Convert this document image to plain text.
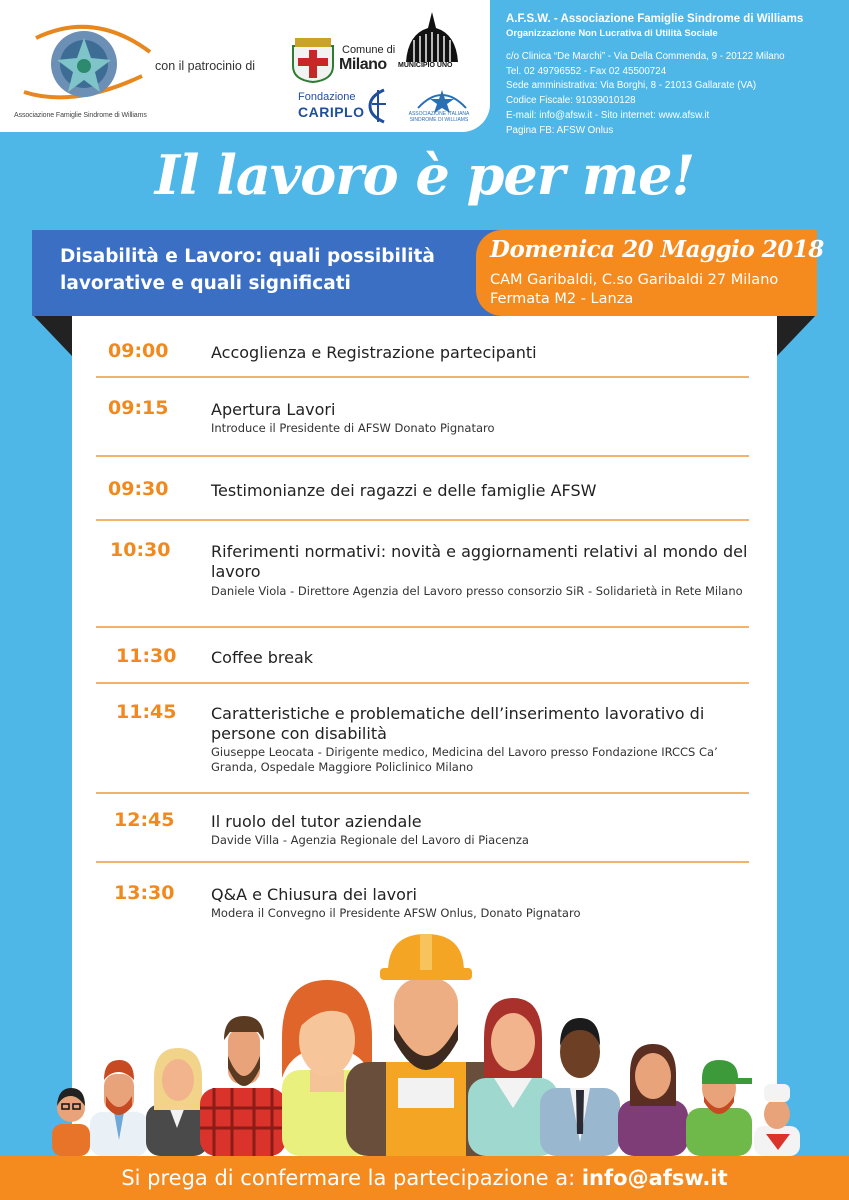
Associazione Famiglie Sindrome di Williams
con il patrocinio di
Comune di
Milano MUNICIPIO UNO
Fondazione
CARIPLO	ASSOCIAZIONE ITALIANA SINDROME DI WILLIAMS
A.F.S.W. - Associazione Famiglie Sindrome di Williams
Organizzazione Non Lucrativa di Utilità Sociale
c/o Clinica “De Marchi” - Via Della Commenda, 9 - 20122 Milano
Tel. 02 49796552 - Fax 02 45500724
Sede amministrativa: Via Borghi, 8 - 21013 Gallarate (VA)
Codice Fiscale: 91039010128
E-mail: info@afsw.it - Sito internet: www.afsw.it
Pagina FB: AFSW Onlus
Il lavoro è per me!
Disabilità e Lavoro: quali possibilità
lavorative e quali significati
Domenica 20 Maggio 2018
CAM Garibaldi, C.so Garibaldi 27 Milano
Fermata M2 - Lanza
09:00	Accoglienza e Registrazione partecipanti
09:15	Apertura Lavori
Introduce il Presidente di AFSW Donato Pignataro
09:30	Testimonianze dei ragazzi e delle famiglie AFSW
10:30	Riferimenti normativi: novità e aggiornamenti relativi al mondo del lavoro
Daniele Viola - Direttore Agenzia del Lavoro presso consorzio SiR - Solidarietà in Rete Milano
11:30	Coffee break
11:45	Caratteristiche e problematiche dell’inserimento lavorativo di persone con disabilità
Giuseppe Leocata - Dirigente medico, Medicina del Lavoro presso Fondazione IRCCS Ca’ Granda, Ospedale Maggiore Policlinico Milano
12:45	Il ruolo del tutor aziendale
Davide Villa - Agenzia Regionale del Lavoro di Piacenza
13:30	Q&A e Chiusura dei lavori
Modera il Convegno il Presidente AFSW Onlus, Donato Pignataro
Si prega di confermare la partecipazione a: info@afsw.it
